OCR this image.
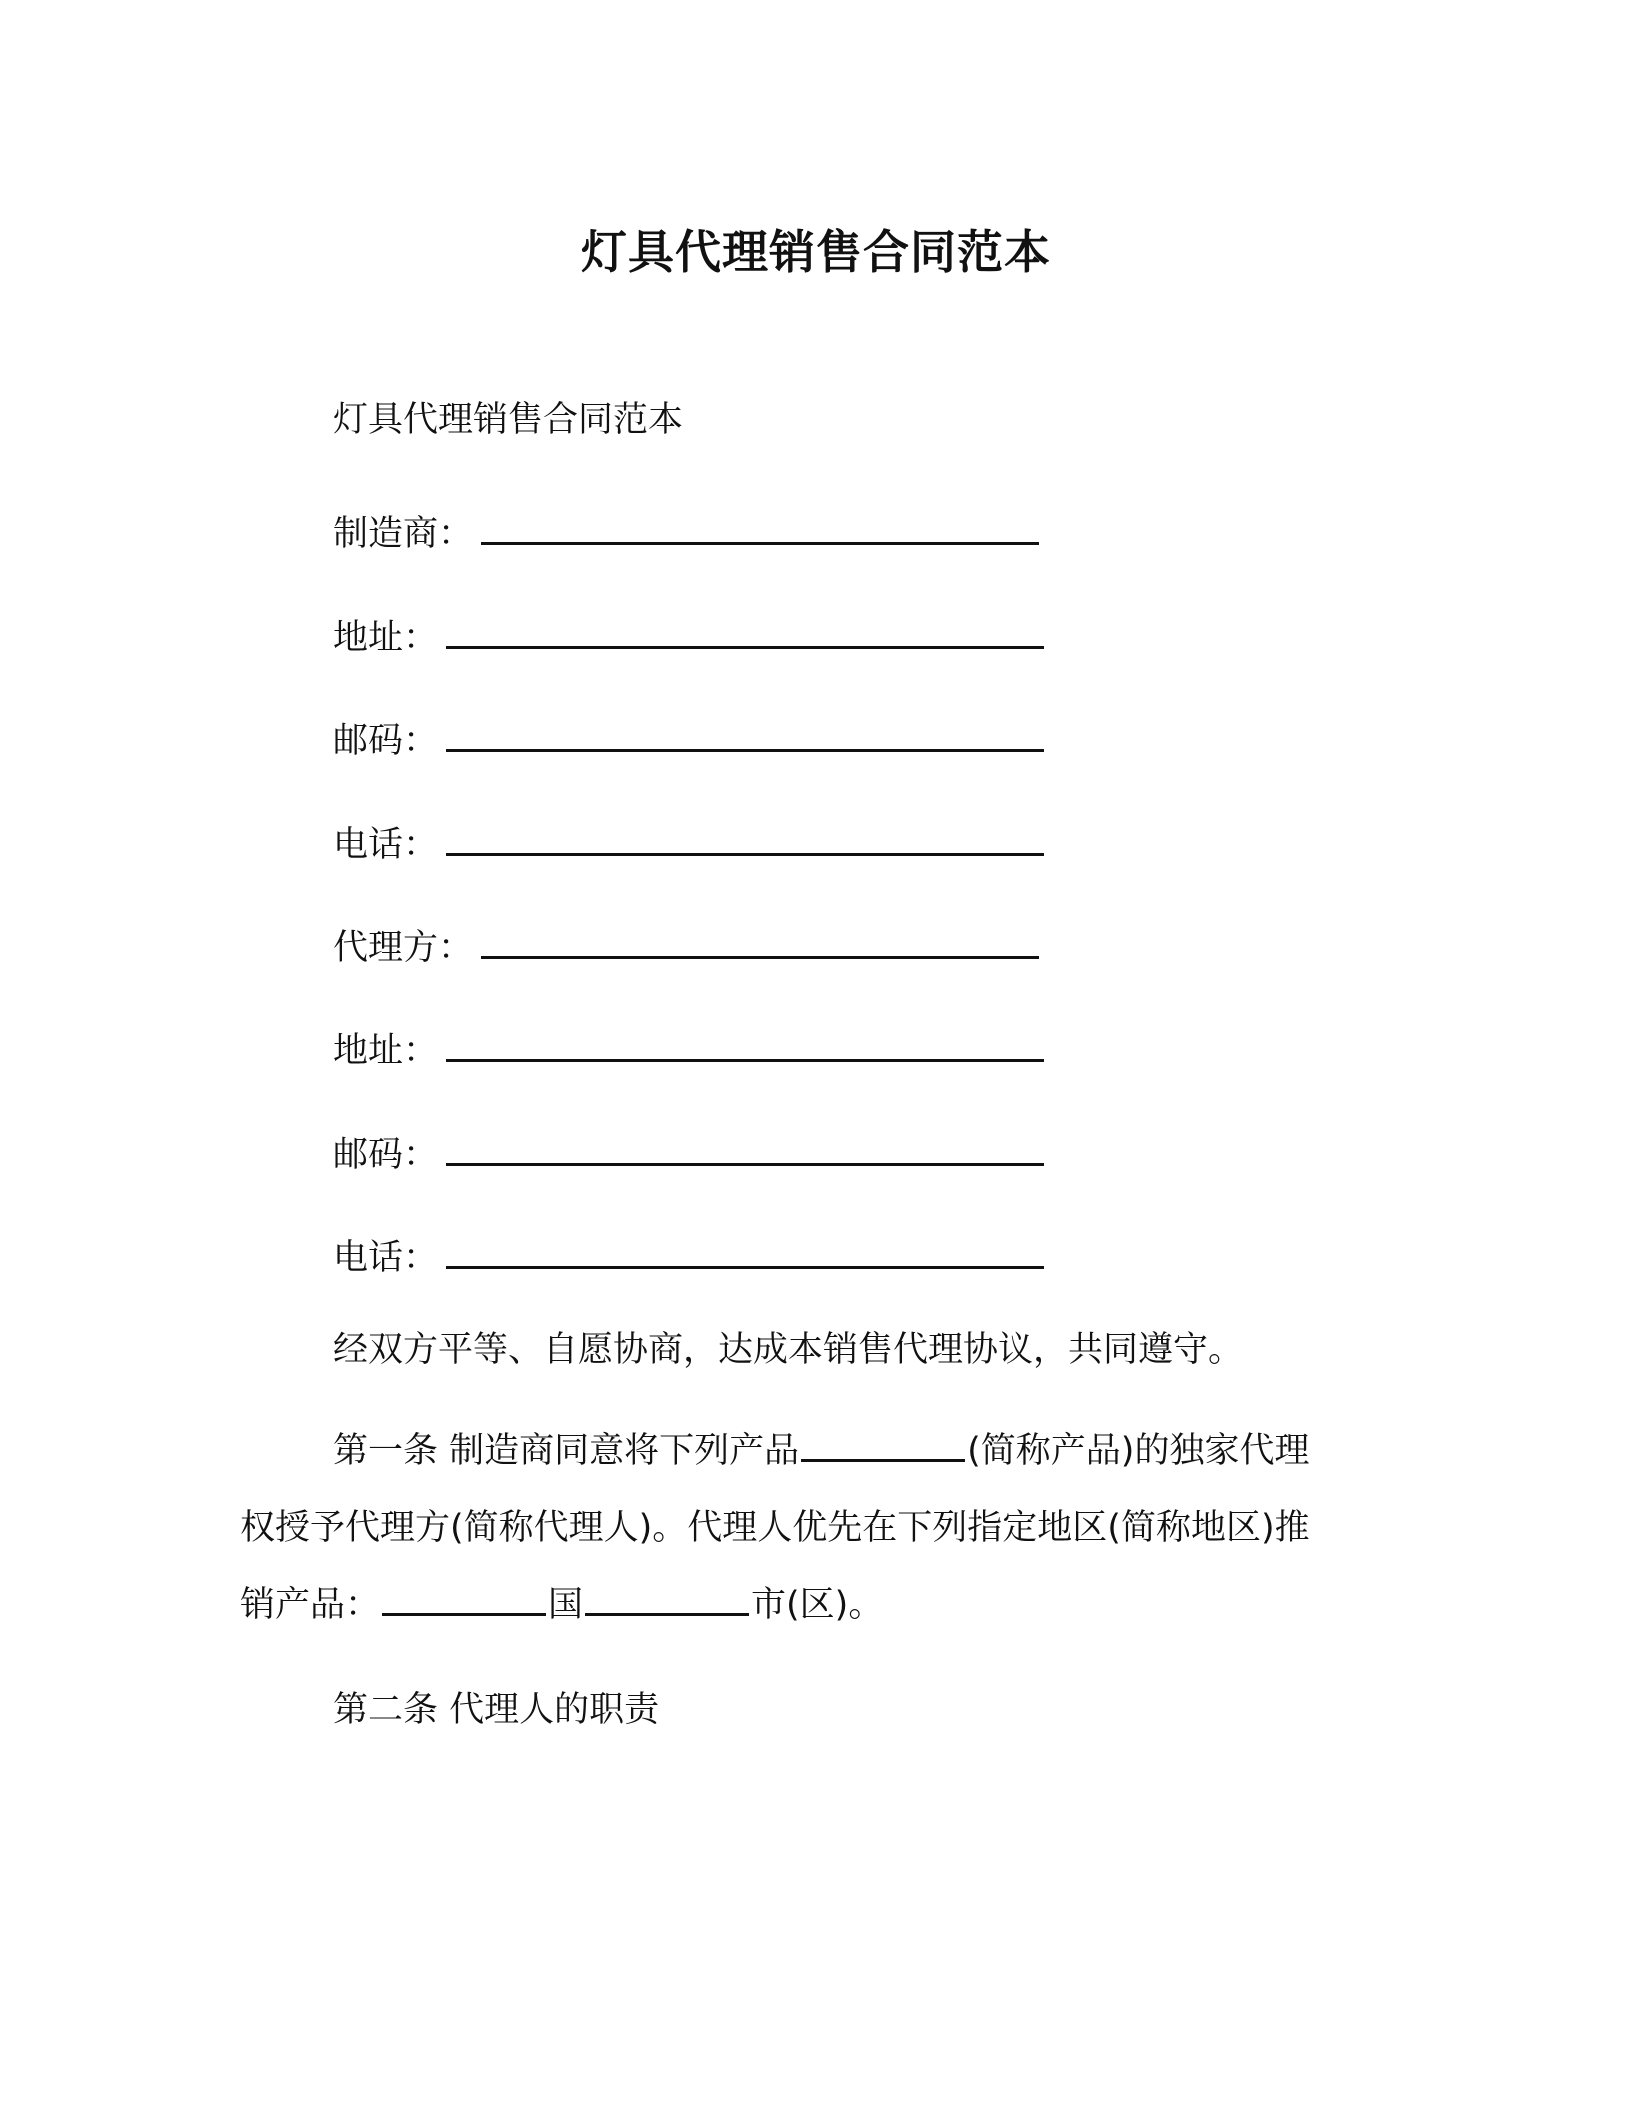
灯具代理销售合同范本
灯具代理销售合同范本
制造商：
地址：
邮码：
电话：
代理方：
地址：
邮码：
电话：
经双方平等、自愿协商，达成本销售代理协议，共同遵守。
第一条 制造商同意将下列产品	(简称产品)的独家代理
权授予代理方(简称代理人)。代理人优先在下列指定地区(简称地区)推
销产品：	国	市(区)。
第二条 代理人的职责
